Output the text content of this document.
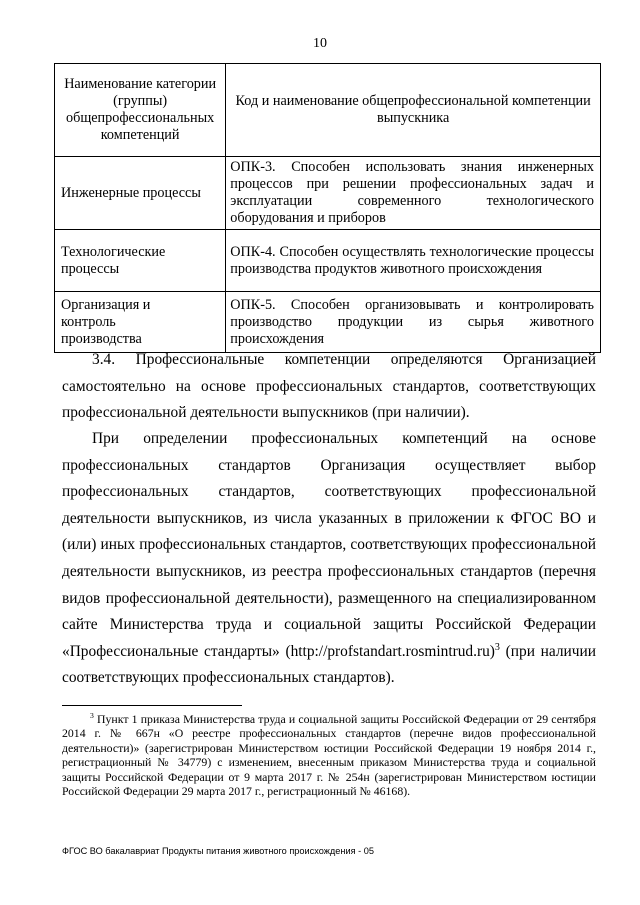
10
Наименование категории (группы) общепрофессиональных компетенций	Код и наименование общепрофессиональной компетенции выпускника
Инженерные процессы	ОПК-3. Способен использовать знания инженерных процессов при решении профессиональных задач и эксплуатации современного технологического оборудования и приборов
Технологические процессы	ОПК-4. Способен осуществлять технологические процессы производства продуктов животного происхождения
Организация и контроль производства	ОПК-5. Способен организовывать и контролировать производство продукции из сырья животного происхождения

3.4. Профессиональные компетенции определяются Организацией самостоятельно на основе профессиональных стандартов, соответствующих профессиональной деятельности выпускников (при наличии).

При определении профессиональных компетенций на основе профессиональных стандартов Организация осуществляет выбор профессиональных стандартов, соответствующих профессиональной деятельности выпускников, из числа указанных в приложении к ФГОС ВО и (или) иных профессиональных стандартов, соответствующих профессиональной деятельности выпускников, из реестра профессиональных стандартов (перечня видов профессиональной деятельности), размещенного на специализированном сайте Министерства труда и социальной защиты Российской Федерации «Профессиональные стандарты» (http://profstandart.rosmintrud.ru)$^3$ (при наличии соответствующих профессиональных стандартов).

$^3$ Пункт 1 приказа Министерства труда и социальной защиты Российской Федерации от 29 сентября 2014 г. № 667н «О реестре профессиональных стандартов (перечне видов профессиональной деятельности)» (зарегистрирован Министерством юстиции Российской Федерации 19 ноября 2014 г., регистрационный № 34779) с изменением, внесенным приказом Министерства труда и социальной защиты Российской Федерации от 9 марта 2017 г. № 254н (зарегистрирован Министерством юстиции Российской Федерации 29 марта 2017 г., регистрационный № 46168).

ФГОС ВО бакалавриат Продукты питания животного происхождения - 05
